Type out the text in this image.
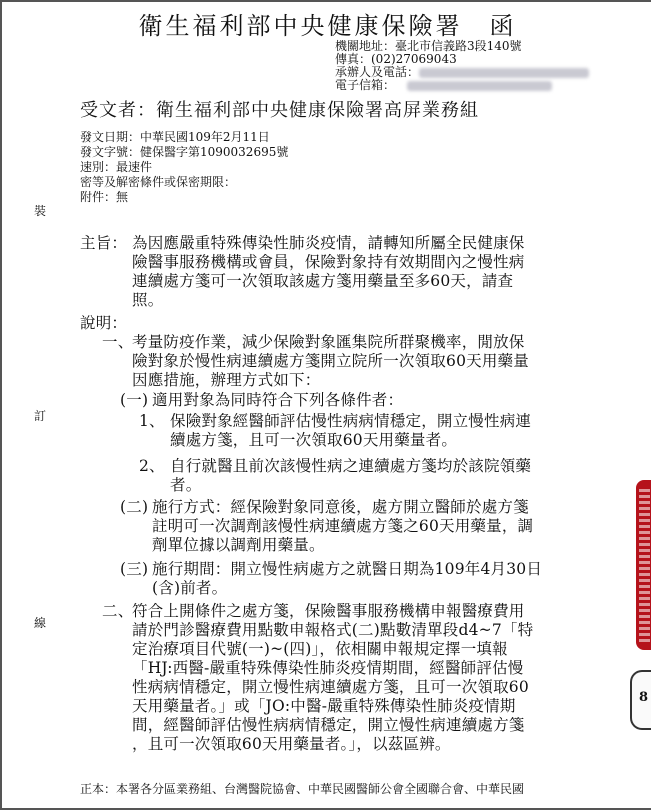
衛生福利部中央健康保險署　函
機關地址：臺北市信義路3段140號
傳真：(02)27069043
承辦人及電話：
電子信箱：
受文者：衛生福利部中央健康保險署高屏業務組
發文日期：中華民國109年2月11日
發文字號：健保醫字第1090032695號
速別：最速件
密等及解密條件或保密期限：
附件：無
裝
訂
線
主旨： 為因應嚴重特殊傳染性肺炎疫情，請轉知所屬全民健康保
險醫事服務機構或會員，保險對象持有效期間內之慢性病
連續處方箋可一次領取該處方箋用藥量至多60天，請查
照。
說明：
一、
考量防疫作業，減少保險對象匯集院所群聚機率，閒放保
險對象於慢性病連續處方箋開立院所一次領取60天用藥量
因應措施，辦理方式如下：
(一) 適用對象為同時符合下列各條件者：
1、 保險對象經醫師評估慢性病病情穩定，開立慢性病連
續處方箋，且可一次領取60天用藥量者。
2、 自行就醫且前次該慢性病之連續處方箋均於該院領藥
者。
(二) 施行方式：經保險對象同意後，處方開立醫師於處方箋
註明可一次調劑該慢性病連續處方箋之60天用藥量，調
劑單位據以調劑用藥量。
(三) 施行期間：開立慢性病處方之就醫日期為109年4月30日
(含)前者。
二、
符合上開條件之處方箋，保險醫事服務機構申報醫療費用
請於門診醫療費用點數申報格式(二)點數清單段d4~7「特
定治療項目代號(一)~(四)」，依相關申報規定擇一填報
「HJ:西醫-嚴重特殊傳染性肺炎疫情期間，經醫師評估慢
性病病情穩定，開立慢性病連續處方箋，且可一次領取60
天用藥量者。」或「JO:中醫-嚴重特殊傳染性肺炎疫情期
間，經醫師評估慢性病病情穩定，開立慢性病連續處方箋
，且可一次領取60天用藥量者。」，以茲區辨。
正本：本署各分區業務組、台灣醫院協會、中華民國醫師公會全國聯合會、中華民國
8
